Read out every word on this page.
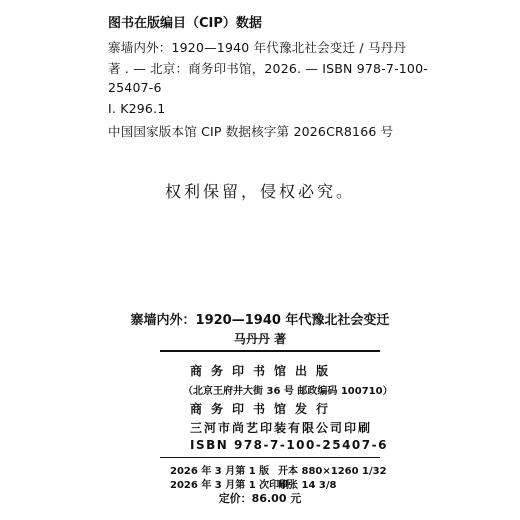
图书在版编目（CIP）数据
寨墙内外：1920—1940 年代豫北社会变迁 / 马丹丹
著 . — 北京：商务印书馆，2026. — ISBN 978-7-100-
25407-6
Ⅰ. K296.1
中国国家版本馆 CIP 数据核字第 2026CR8166 号
权利保留，侵权必究。
寨墙内外：1920—1940 年代豫北社会变迁
马丹丹 著
商务印书馆出版
（北京王府井大街 36 号 邮政编码 100710）
商务印书馆发行
三河市尚艺印装有限公司印刷
ISBN 978-7-100-25407-6
2026 年 3 月第 1 版 开本 880×1260 1/32
2026 年 3 月第 1 次印刷
印张 14 3/8
定价：86.00 元
